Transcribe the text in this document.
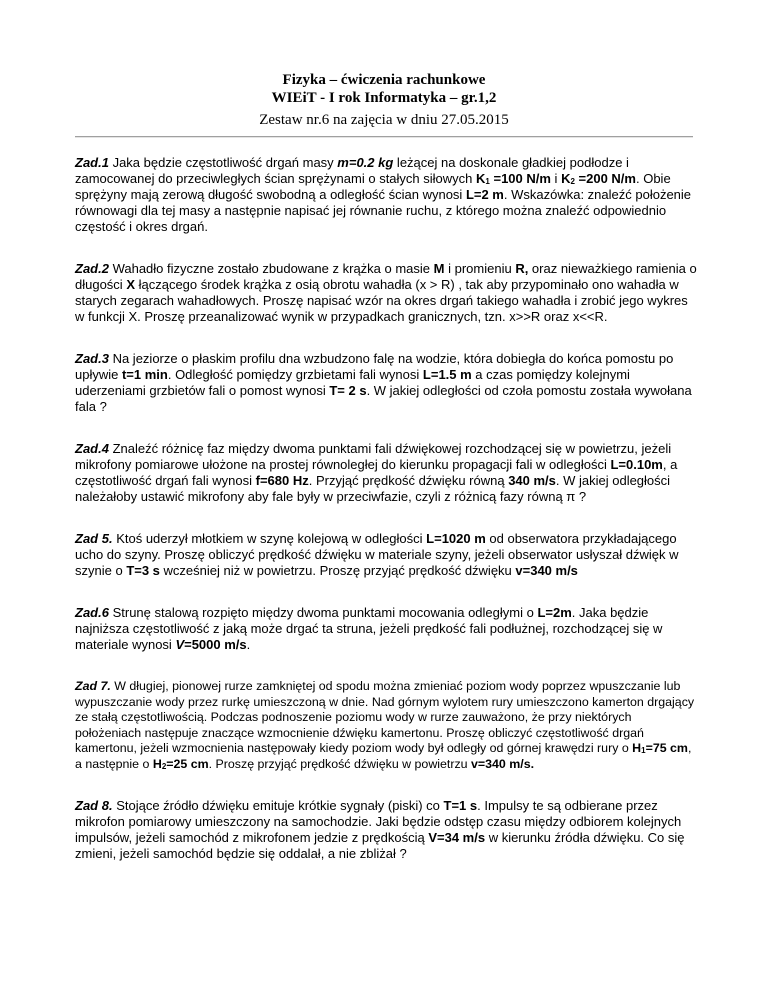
Fizyka – ćwiczenia rachunkowe
WIEiT - I rok Informatyka – gr.1,2
Zestaw nr.6 na zajęcia w dniu 27.05.2015

Zad.1 Jaka będzie częstotliwość drgań masy m=0.2 kg leżącej na doskonale gładkiej podłodze i zamocowanej do przeciwległych ścian sprężynami o stałych siłowych $K_1 =100$ N/m i $K_2 =200$ N/m. Obie sprężyny mają zerową długość swobodną a odległość ścian wynosi L=2 m. Wskazówka: znaleźć położenie równowagi dla tej masy a następnie napisać jej równanie ruchu, z którego można znaleźć odpowiednio częstość i okres drgań.

Zad.2 Wahadło fizyczne zostało zbudowane z krążka o masie M i promieniu R, oraz nieważkiego ramienia o długości X łączącego środek krążka z osią obrotu wahadła (x > R) , tak aby przypominało ono wahadła w starych zegarach wahadłowych. Proszę napisać wzór na okres drgań takiego wahadła i zrobić jego wykres w funkcji X. Proszę przeanalizować wynik w przypadkach granicznych, tzn. x>>R oraz x<<R.

Zad.3 Na jeziorze o płaskim profilu dna wzbudzono falę na wodzie, która dobiegła do końca pomostu po upływie t=1 min. Odległość pomiędzy grzbietami fali wynosi L=1.5 m a czas pomiędzy kolejnymi uderzeniami grzbietów fali o pomost wynosi T= 2 s. W jakiej odległości od czoła pomostu została wywołana fala ?

Zad.4 Znaleźć różnicę faz między dwoma punktami fali dźwiękowej rozchodzącej się w powietrzu, jeżeli mikrofony pomiarowe ułożone na prostej równoległej do kierunku propagacji fali w odległości L=0.10m, a częstotliwość drgań fali wynosi f=680 Hz. Przyjąć prędkość dźwięku równą 340 m/s. W jakiej odległości należałoby ustawić mikrofony aby fale były w przeciwfazie, czyli z różnicą fazy równą π ?

Zad 5. Ktoś uderzył młotkiem w szynę kolejową w odległości L=1020 m od obserwatora przykładającego ucho do szyny. Proszę obliczyć prędkość dźwięku w materiale szyny, jeżeli obserwator usłyszał dźwięk w szynie o T=3 s wcześniej niż w powietrzu. Proszę przyjąć prędkość dźwięku v=340 m/s

Zad.6 Strunę stalową rozpięto między dwoma punktami mocowania odległymi o L=2m. Jaka będzie najniższa częstotliwość z jaką może drgać ta struna, jeżeli prędkość fali podłużnej, rozchodzącej się w materiale wynosi V=5000 m/s.

Zad 7. W długiej, pionowej rurze zamkniętej od spodu można zmieniać poziom wody poprzez wpuszczanie lub wypuszczanie wody przez rurkę umieszczoną w dnie. Nad górnym wylotem rury umieszczono kamerton drgający ze stałą częstotliwością. Podczas podnoszenie poziomu wody w rurze zauważono, że przy niektórych położeniach następuje znaczące wzmocnienie dźwięku kamertonu. Proszę obliczyć częstotliwość drgań kamertonu, jeżeli wzmocnienia następowały kiedy poziom wody był odległy od górnej krawędzi rury o $H_1=75$ cm, a następnie o $H_2=25$ cm. Proszę przyjąć prędkość dźwięku w powietrzu v=340 m/s.

Zad 8. Stojące źródło dźwięku emituje krótkie sygnały (piski) co T=1 s. Impulsy te są odbierane przez mikrofon pomiarowy umieszczony na samochodzie. Jaki będzie odstęp czasu między odbiorem kolejnych impulsów, jeżeli samochód z mikrofonem jedzie z prędkością V=34 m/s w kierunku źródła dźwięku. Co się zmieni, jeżeli samochód będzie się oddalał, a nie zbliżał ?
